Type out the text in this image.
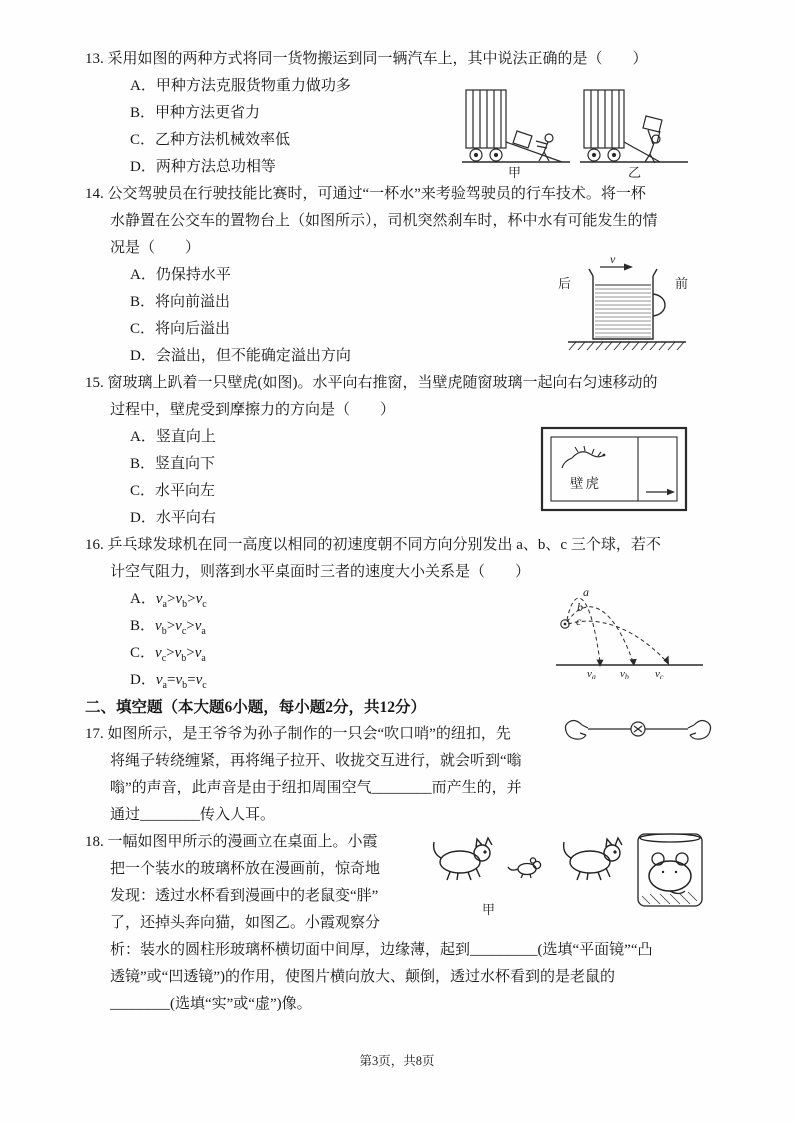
13. 采用如图的两种方式将同一货物搬运到同一辆汽车上，其中说法正确的是（　　）
A．甲种方法克服货物重力做功多
B．甲种方法更省力
C．乙种方法机械效率低
D．两种方法总功相等	甲	乙
14. 公交驾驶员在行驶技能比赛时，可通过“一杯水”来考验驾驶员的行车技术。将一杯
水静置在公交车的置物台上（如图所示），司机突然刹车时，杯中水有可能发生的情
况是（　　）
A．仍保持水平
B．将向前溢出
C．将向后溢出
D．会溢出，但不能确定溢出方向
后	前
v
15. 窗玻璃上趴着一只壁虎(如图)。水平向右推窗，当壁虎随窗玻璃一起向右匀速移动的
过程中，壁虎受到摩擦力的方向是（　　）
A．竖直向上
B．竖直向下
C．水平向左
D．水平向右
壁虎
16. 乒乓球发球机在同一高度以相同的初速度朝不同方向分别发出 a、b、c 三个球，若不
计空气阻力，则落到水平桌面时三者的速度大小关系是（　　）
A．$v_a>v_b>v_c$
B．$v_b>v_c>v_a$
C．$v_c>v_b>v_a$
D．$v_a=v_b=v_c$
a
b
c
$v_a$ $v_b$ $v_c$
二、填空题（本大题6小题，每小题2分，共12分）
17. 如图所示，是王爷爷为孙子制作的一只会“吹口哨”的纽扣，先
将绳子转绕缠紧，再将绳子拉开、收拢交互进行，就会听到“嗡
嗡”的声音，此声音是由于纽扣周围空气________而产生的，并
通过________传入人耳。
18. 一幅如图甲所示的漫画立在桌面上。小霞
把一个装水的玻璃杯放在漫画前，惊奇地
发现：透过水杯看到漫画中的老鼠变“胖”
了，还掉头奔向猫，如图乙。小霞观察分
析：装水的圆柱形玻璃杯横切面中间厚，边缘薄，起到_________(选填“平面镜”“凸
透镜”或“凹透镜”)的作用，使图片横向放大、颠倒，透过水杯看到的是老鼠的
________(选填“实”或“虚”)像。
甲
第3页，共8页
